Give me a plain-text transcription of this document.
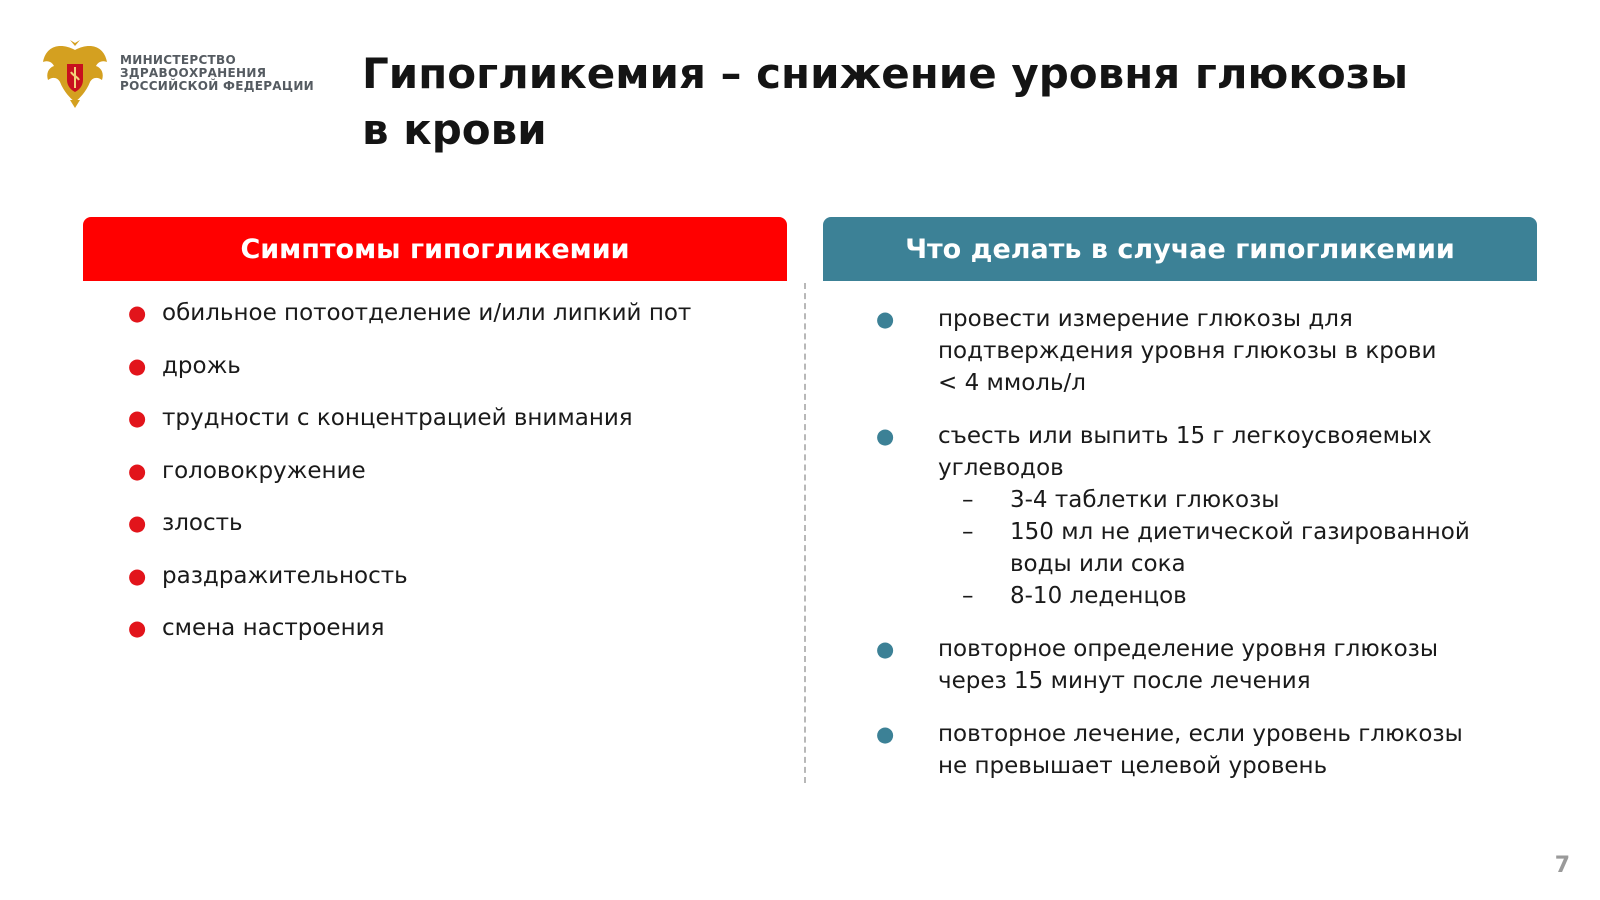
МИНИСТЕРСТВО
ЗДРАВООХРАНЕНИЯ
РОССИЙСКОЙ ФЕДЕРАЦИИ Гипогликемия – снижение уровня глюкозы
в крови
Симптомы гипогликемии	Что делать в случае гипогликемии
● обильное потоотделение и/или липкий пот
● дрожь
● трудности с концентрацией внимания
● головокружение
● злость
● раздражительность
● смена настроения
● провести измерение глюкозы для
подтверждения уровня глюкозы в крови
< 4 ммоль/л
● съесть или выпить 15 г легкоусвояемых
углеводов
– 3-4 таблетки глюкозы
– 150 мл не диетической газированной
воды или сока
– 8-10 леденцов
● повторное определение уровня глюкозы
через 15 минут после лечения
● повторное лечение, если уровень глюкозы
не превышает целевой уровень
7
